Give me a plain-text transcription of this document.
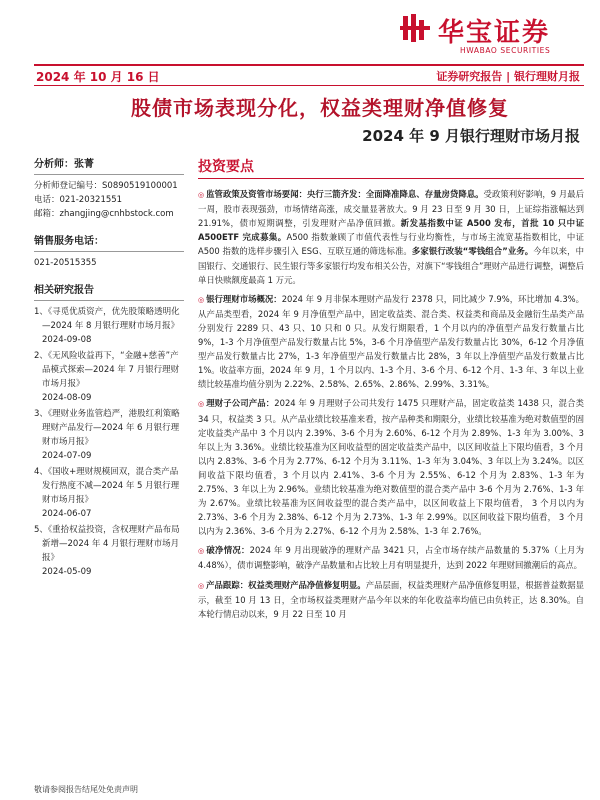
华宝证券
HWABAO SECURITIES
2024 年 10 月 16 日	证券研究报告 | 银行理财月报
股债市场表现分化，权益类理财净值修复
2024 年 9 月银行理财市场月报
分析师：张菁
分析师登记编号：S0890519100001
电话：021-20321551
邮箱：zhangjing@cnhbstock.com
销售服务电话：
021-20515355
相关研究报告
1、《寻觅优质资产，优先股策略透明化—2024 年 8 月银行理财市场月报》
2024-09-08
2、《无风险收益再下，“金融+慈善”产品模式探索—2024 年 7 月银行理财市场月报》
2024-08-09
3、《理财业务监管趋严，港股红利策略理财产品发行—2024 年 6 月银行理财市场月报》
2024-07-09
4、《国收+理财规模回双，混合类产品发行热度不减—2024 年 5 月银行理财市场月报》
2024-06-07
5、《重拾权益投资，含权理财产品布局新增—2024 年 4 月银行理财市场月报》
2024-05-09
投资要点

◎ 监管政策及资管市场要闻：央行三箭齐发：全面降准降息、存量房贷降息。受政策利好影响，9 月最后一周，股市表现强劲，市场情绪高涨，成交量显著放大。9 月 23 日至 9 月 30 日，上证综指涨幅达到 21.91%，债市短期调整，引发理财产品净值回撤。新发基指数中证 A500 发布，首批 10 只中证 A500ETF 完成募集。A500 指数兼顾了市值代表性与行业均衡性，与市场主流宽基指数相比，中证 A500 指数的选样步骤引入 ESG、互联互通的筛选标准。多家银行改装“零钱组合”业务。今年以来，中国银行、交通银行、民生银行等多家银行均发布相关公告，对旗下“零钱组合”理财产品进行调整，调整后单日快赎额度最高 1 万元。

◎ 银行理财市场概况：2024 年 9 月非保本理财产品发行 2378 只，同比减少 7.9%，环比增加 4.3%。从产品类型看，2024 年 9 月净值型产品中，固定收益类、混合类、权益类和商品及金融衍生品类产品分别发行 2289 只、43 只、10 只和 0 只。从发行期限看，1 个月以内的净值型产品发行数量占比 9%，1-3 个月净值型产品发行数量占比 5%，3-6 个月净值型产品发行数量占比 30%，6-12 个月净值型产品发行数量占比 27%，1-3 年净值型产品发行数量占比 28%，3 年以上净值型产品发行数量占比 1%。收益率方面，2024 年 9 月，1 个月以内、1-3 个月、3-6 个月、6-12 个月、1-3 年、3 年以上业绩比较基准均值分别为 2.22%、2.58%、2.65%、2.86%、2.99%、3.31%。

◎ 理财子公司产品：2024 年 9 月理财子公司共发行 1475 只理财产品，固定收益类 1438 只，混合类 34 只，权益类 3 只。从产品业绩比较基准来看，按产品种类和期限分，业绩比较基准为绝对数值型的固定收益类产品中 3 个月以内 2.39%、3-6 个月为 2.60%、6-12 个月为 2.89%、1-3 年为 3.00%、3 年以上为 3.36%。业绩比较基准为区间收益型的固定收益类产品中，以区间收益上下限均值看，3 个月以内 2.83%、3-6 个月为 2.77%、6-12 个月为 3.11%、1-3 年为 3.04%、3 年以上为 3.24%。以区间收益下限均值看，3 个月以内 2.41%、3-6 个月为 2.55%、6-12 个月为 2.83%、1-3 年为 2.75%、3 年以上为 2.96%。业绩比较基准为绝对数值型的混合类产品中 3-6 个月为 2.76%、1-3 年为 2.67%。业绩比较基准为区间收益型的混合类产品中，以区间收益上下限均值看， 3 个月以内为 2.73%、3-6 个月为 2.38%、6-12 个月为 2.73%、1-3 年 2.99%。以区间收益下限均值看， 3 个月以内为 2.36%、3-6 个月为 2.27%、6-12 个月为 2.58%、1-3 年 2.76%。

◎ 破净情况：2024 年 9 月出现破净的理财产品 3421 只，占全市场存续产品数量的 5.37%（上月为 4.48%），债市调整影响，破净产品数量和占比较上月有明显提升，达到 2022 年理财回撤潮后的高点。

◎ 产品跟踪：权益类理财产品净值修复明显。产品层面，权益类理财产品净值修复明显，根据普益数据显示，截至 10 月 13 日，全市场权益类理财产品今年以来的年化收益率均值已由负转正，达 8.30%。自本轮行情启动以来，9 月 22 日至 10 月

敬请参阅报告结尾处免责声明
